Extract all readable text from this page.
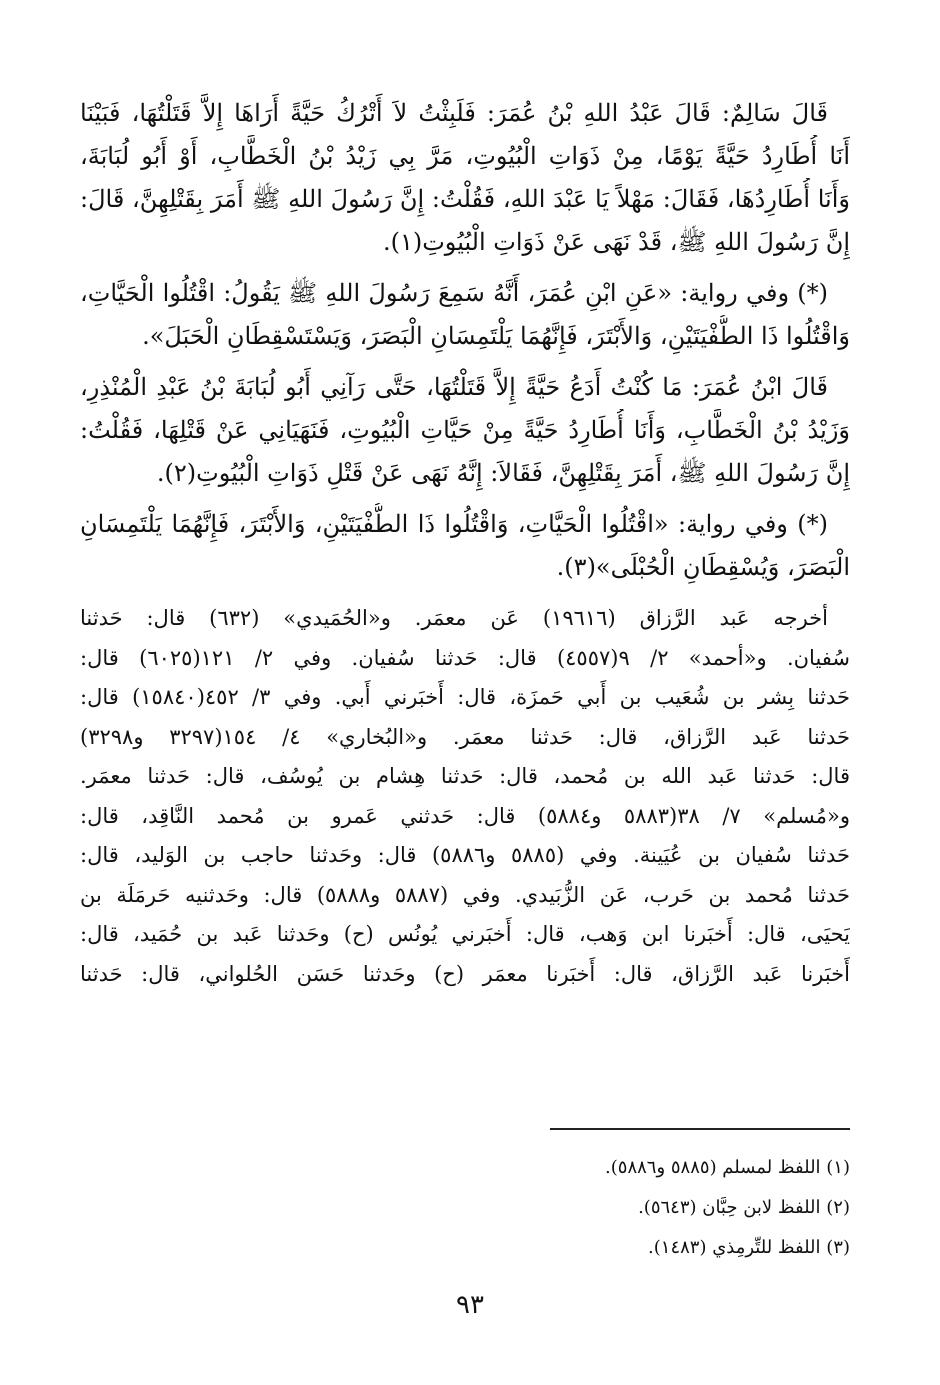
قَالَ سَالِمٌ: قَالَ عَبْدُ اللهِ بْنُ عُمَرَ: فَلَبِثْتُ لاَ أَتْرُكُ حَيَّةً أَرَاهَا إِلاَّ قَتَلْتُهَا، فَبَيْنَا
أَنَا أُطَارِدُ حَيَّةً يَوْمًا، مِنْ ذَوَاتِ الْبُيُوتِ، مَرَّ بِي زَيْدُ بْنُ الْخَطَّابِ، أَوْ أَبُو لُبَابَةَ،
وَأَنَا أُطَارِدُهَا، فَقَالَ: مَهْلاً يَا عَبْدَ اللهِ، فَقُلْتُ: إِنَّ رَسُولَ اللهِ ﷺ أَمَرَ بِقَتْلِهِنَّ، قَالَ:
إِنَّ رَسُولَ اللهِ ﷺ، قَدْ نَهَى عَنْ ذَوَاتِ الْبُيُوتِ(١).
(*) وفي رواية: «عَنِ ابْنِ عُمَرَ، أَنَّهُ سَمِعَ رَسُولَ اللهِ ﷺ يَقُولُ: اقْتُلُوا الْحَيَّاتِ،
وَاقْتُلُوا ذَا الطُّفْيَتَيْنِ، وَالأَبْتَرَ، فَإِنَّهُمَا يَلْتَمِسَانِ الْبَصَرَ، وَيَسْتَسْقِطَانِ الْحَبَلَ».
قَالَ ابْنُ عُمَرَ: مَا كُنْتُ أَدَعُ حَيَّةً إِلاَّ قَتَلْتُهَا، حَتَّى رَآنِي أَبُو لُبَابَةَ بْنُ عَبْدِ الْمُنْذِرِ،
وَزَيْدُ بْنُ الْخَطَّابِ، وَأَنَا أُطَارِدُ حَيَّةً مِنْ حَيَّاتِ الْبُيُوتِ، فَنَهَيَانِي عَنْ قَتْلِهَا، فَقُلْتُ:
إِنَّ رَسُولَ اللهِ ﷺ، أَمَرَ بِقَتْلِهِنَّ، فَقَالاَ: إِنَّهُ نَهَى عَنْ قَتْلِ ذَوَاتِ الْبُيُوتِ(٢).
(*) وفي رواية: «اقْتُلُوا الْحَيَّاتِ، وَاقْتُلُوا ذَا الطُّفْيَتَيْنِ، وَالأَبْتَرَ، فَإِنَّهُمَا يَلْتَمِسَانِ
الْبَصَرَ، وَيُسْقِطَانِ الْحُبْلَى»(٣).
أخرجه عَبد الرَّزاق (١٩٦١٦) عَن معمَر. و«الحُمَيدي» (٦٣٢) قال: حَدثنا
سُفيان. و«أحمد» ٢/ ٩(٤٥٥٧) قال: حَدثنا سُفيان. وفي ٢/ ١٢١(٦٠٢٥) قال:
حَدثنا بِشر بن شُعَيب بن أَبي حَمزَة، قال: أَخبَرني أَبي. وفي ٣/ ٤٥٢(١٥٨٤٠) قال:
حَدثنا عَبد الرَّزاق، قال: حَدثنا معمَر. و«البُخاري» ٤/ ١٥٤(٣٢٩٧ و٣٢٩٨)
قال: حَدثنا عَبد الله بن مُحمد، قال: حَدثنا هِشام بن يُوسُف، قال: حَدثنا معمَر.
و«مُسلم» ٧/ ٣٨(٥٨٨٣ و٥٨٨٤) قال: حَدثني عَمرو بن مُحمد النَّاقِد، قال:
حَدثنا سُفيان بن عُيَينة. وفي (٥٨٨٥ و٥٨٨٦) قال: وحَدثنا حاجب بن الوَليد، قال:
حَدثنا مُحمد بن حَرب، عَن الزُّبَيدي. وفي (٥٨٨٧ و٥٨٨٨) قال: وحَدثنيه حَرمَلَة بن
يَحيَى، قال: أَخبَرنا ابن وَهب، قال: أَخبَرني يُونُس (ح) وحَدثنا عَبد بن حُمَيد، قال:
أَخبَرنا عَبد الرَّزاق، قال: أَخبَرنا معمَر (ح) وحَدثنا حَسَن الحُلواني، قال: حَدثنا
(١) اللفظ لمسلم (٥٨٨٥ و٥٨٨٦).
(٢) اللفظ لابن حِبَّان (٥٦٤٣).
(٣) اللفظ للتِّرمِذي (١٤٨٣).
٩٣
